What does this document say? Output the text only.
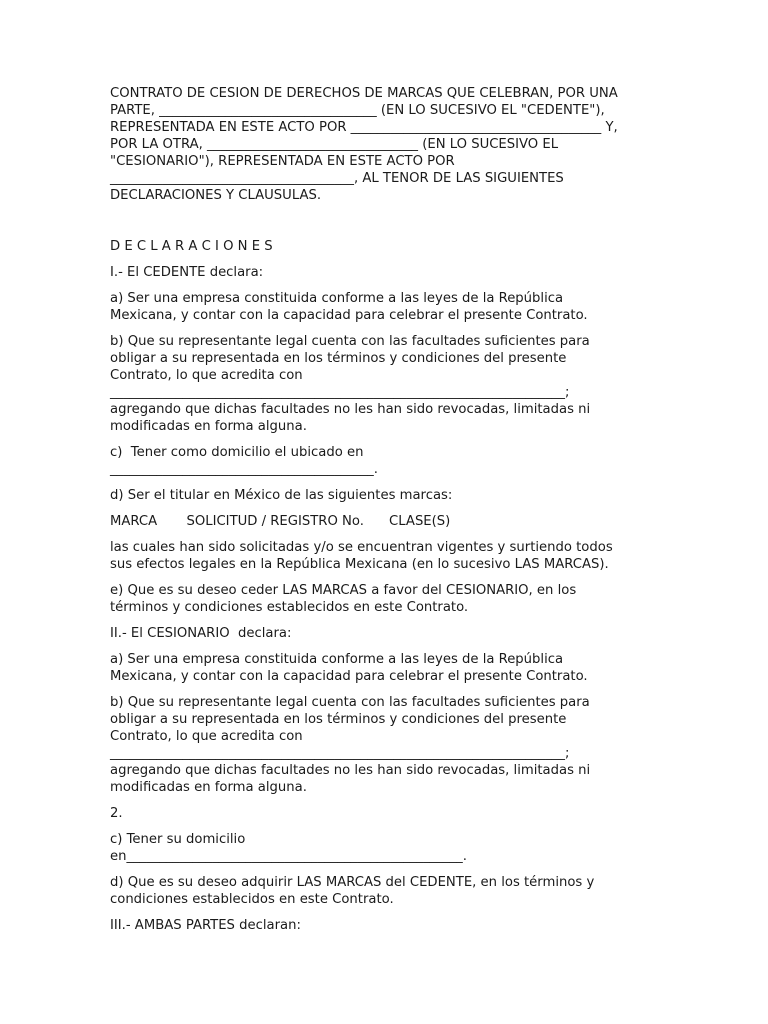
CONTRATO DE CESION DE DERECHOS DE MARCAS QUE CELEBRAN, POR UNA
PARTE, _________________________________ (EN LO SUCESIVO EL "CEDENTE"),
REPRESENTADA EN ESTE ACTO POR ______________________________________ Y,
POR LA OTRA, ________________________________ (EN LO SUCESIVO EL
"CESIONARIO"), REPRESENTADA EN ESTE ACTO POR
_____________________________________, AL TENOR DE LAS SIGUIENTES
DECLARACIONES Y CLAUSULAS.
D E C L A R A C I O N E S
I.- El CEDENTE declara:
a) Ser una empresa constituida conforme a las leyes de la República
Mexicana, y contar con la capacidad para celebrar el presente Contrato.
b) Que su representante legal cuenta con las facultades suficientes para
obligar a su representada en los términos y condiciones del presente
Contrato, lo que acredita con
_____________________________________________________________________;
agregando que dichas facultades no les han sido revocadas, limitadas ni
modificadas en forma alguna.
c)  Tener como domicilio el ubicado en
________________________________________.
d) Ser el titular en México de las siguientes marcas:
MARCA       SOLICITUD / REGISTRO No.      CLASE(S)
las cuales han sido solicitadas y/o se encuentran vigentes y surtiendo todos
sus efectos legales en la República Mexicana (en lo sucesivo LAS MARCAS).
e) Que es su deseo ceder LAS MARCAS a favor del CESIONARIO, en los
términos y condiciones establecidos en este Contrato.
II.- El CESIONARIO  declara:
a) Ser una empresa constituida conforme a las leyes de la República
Mexicana, y contar con la capacidad para celebrar el presente Contrato.
b) Que su representante legal cuenta con las facultades suficientes para
obligar a su representada en los términos y condiciones del presente
Contrato, lo que acredita con
_____________________________________________________________________;
agregando que dichas facultades no les han sido revocadas, limitadas ni
modificadas en forma alguna.
2.
c) Tener su domicilio
en___________________________________________________.
d) Que es su deseo adquirir LAS MARCAS del CEDENTE, en los términos y
condiciones establecidos en este Contrato.
III.- AMBAS PARTES declaran:
